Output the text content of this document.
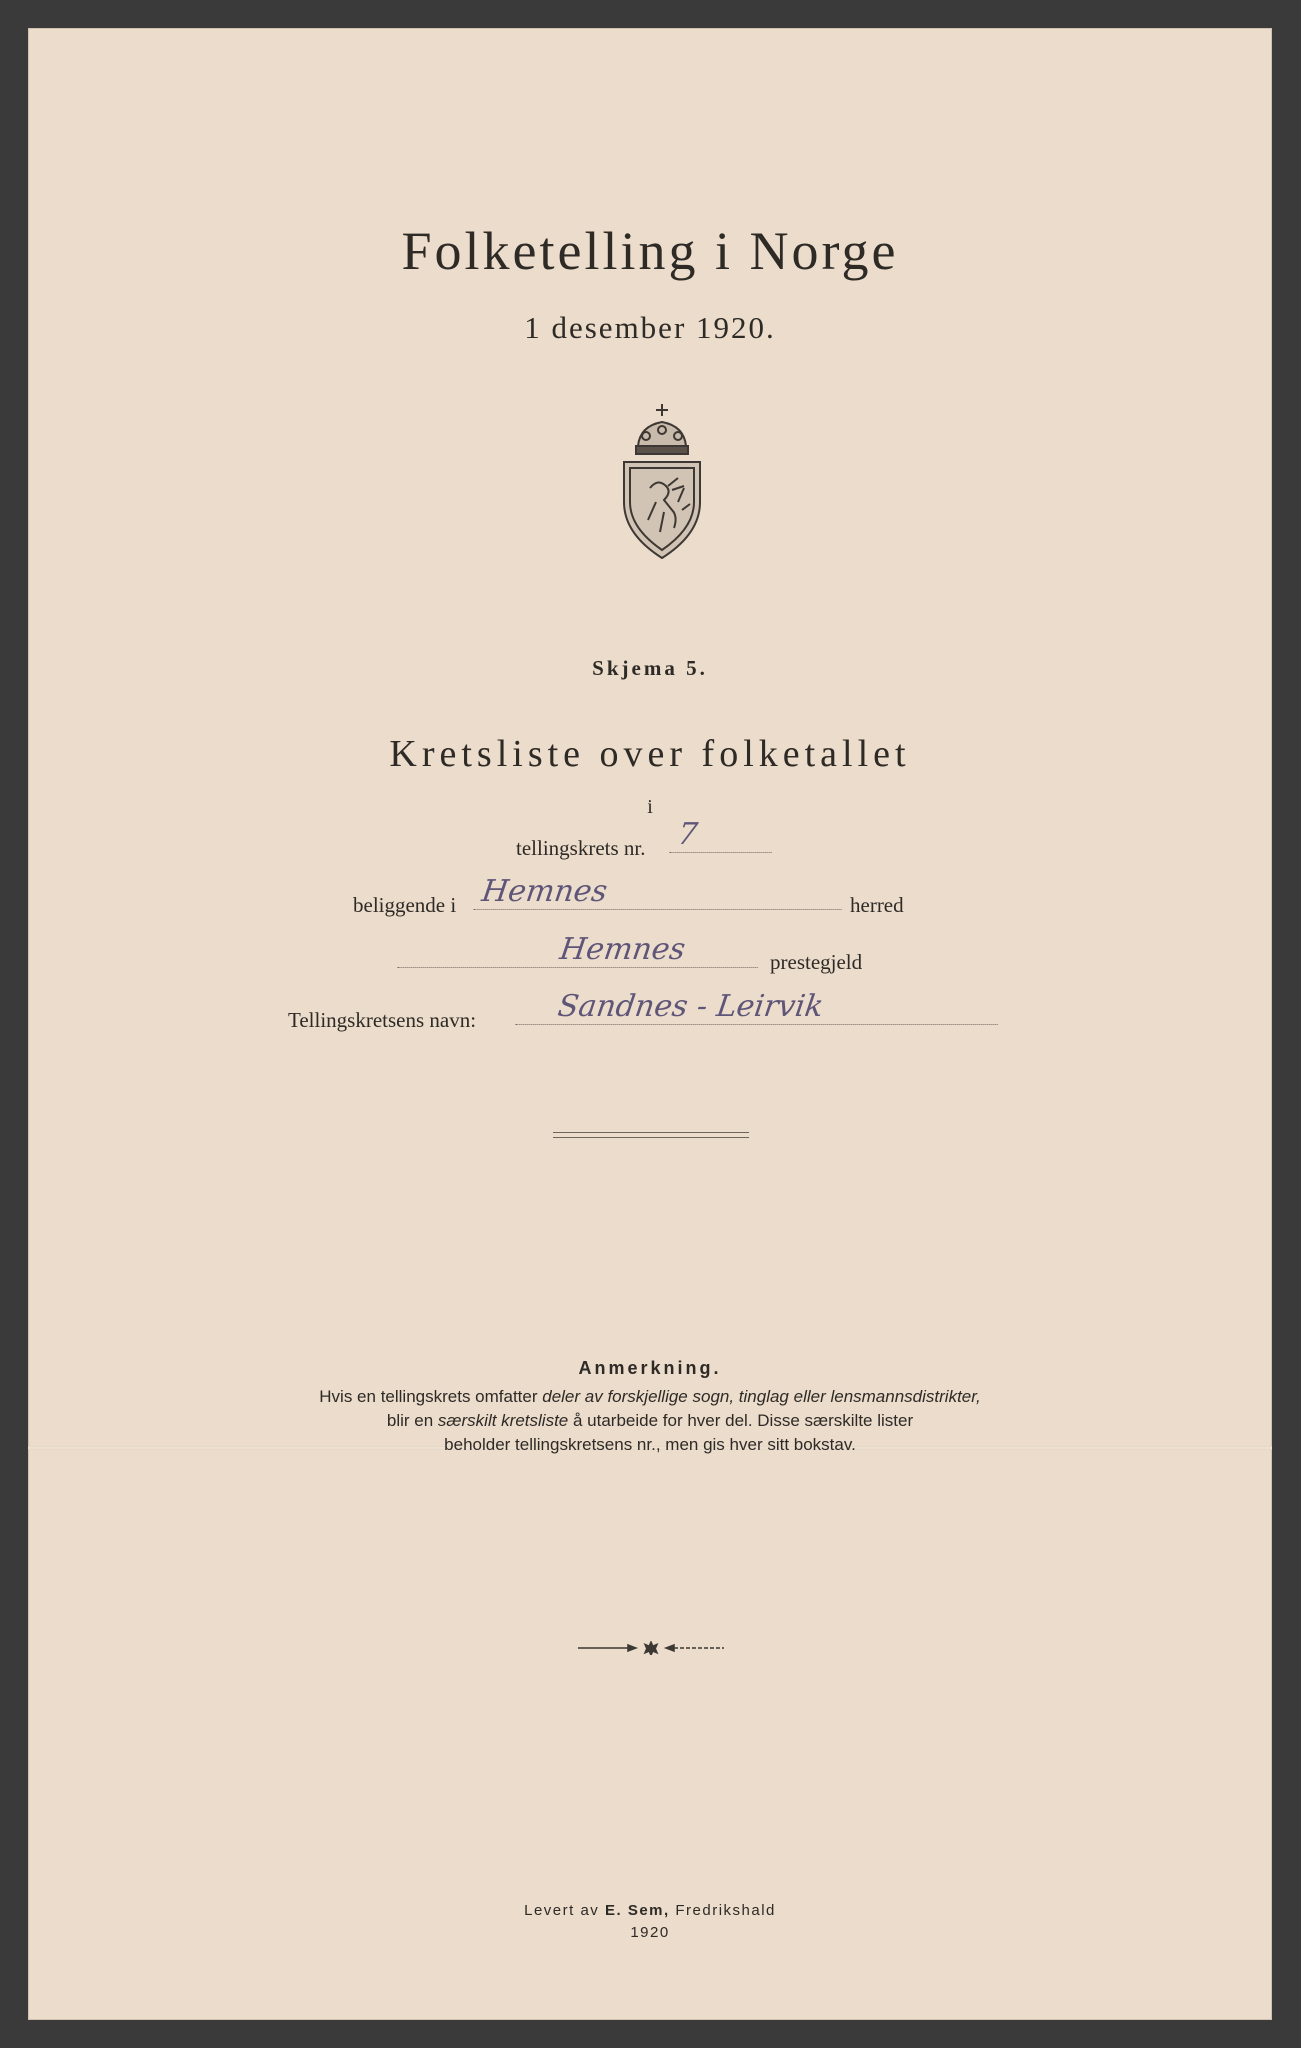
Folketelling i Norge
1 desember 1920.
Skjema 5.
Kretsliste over folketallet
i
tellingskrets nr. 7
beliggende i Hemnes	herred
Hemnes	prestegjeld
Tellingskretsens navn:	Sandnes - Leirvik
Anmerkning.
Hvis en tellingskrets omfatter deler av forskjellige sogn, tinglag eller lensmannsdistrikter,
blir en særskilt kretsliste å utarbeide for hver del. Disse særskilte lister
beholder tellingskretsens nr., men gis hver sitt bokstav.
Levert av E. Sem, Fredrikshald
1920
